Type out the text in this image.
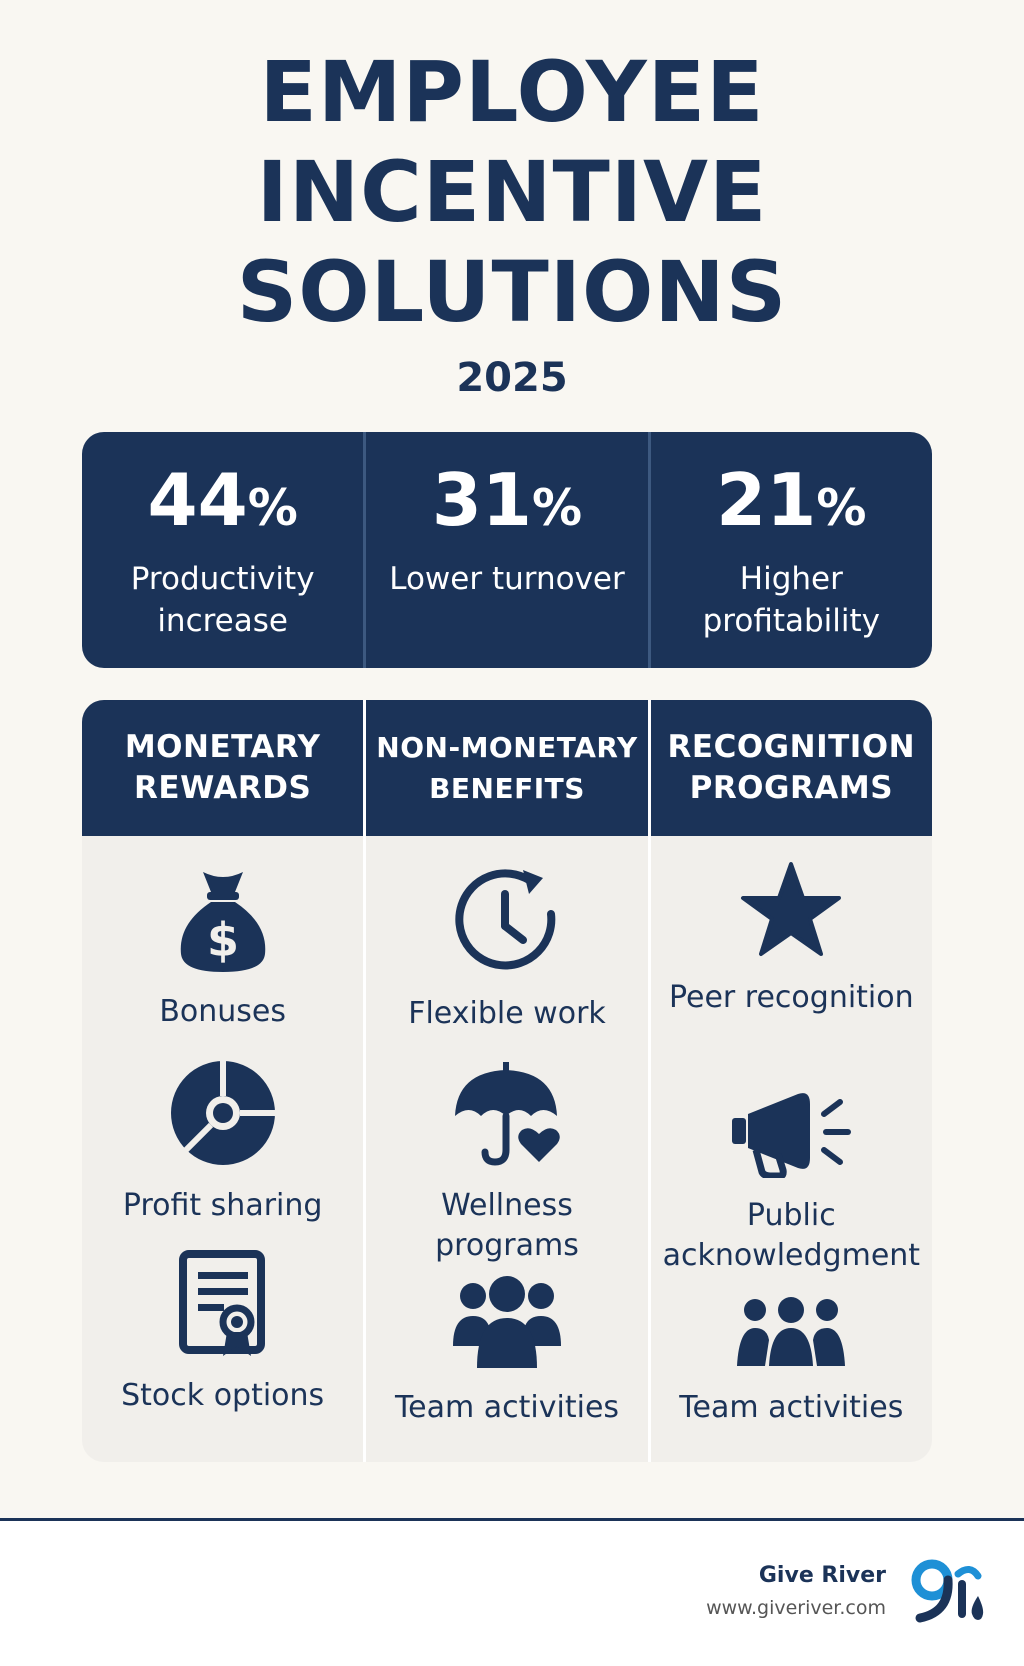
EMPLOYEE
INCENTIVE
SOLUTIONS
2025
44%
Productivity increase
31%
Lower turnover
21%
Higher profitability
MONETARY REWARDS
$
Bonuses
Profit sharing
Stock options
NON-MONETARY BENEFITS
Flexible work
Wellness programs
Team activities
RECOGNITION PROGRAMS
Peer recognition
Public acknowledgment
Team activities
Give River
www.giveriver.com
